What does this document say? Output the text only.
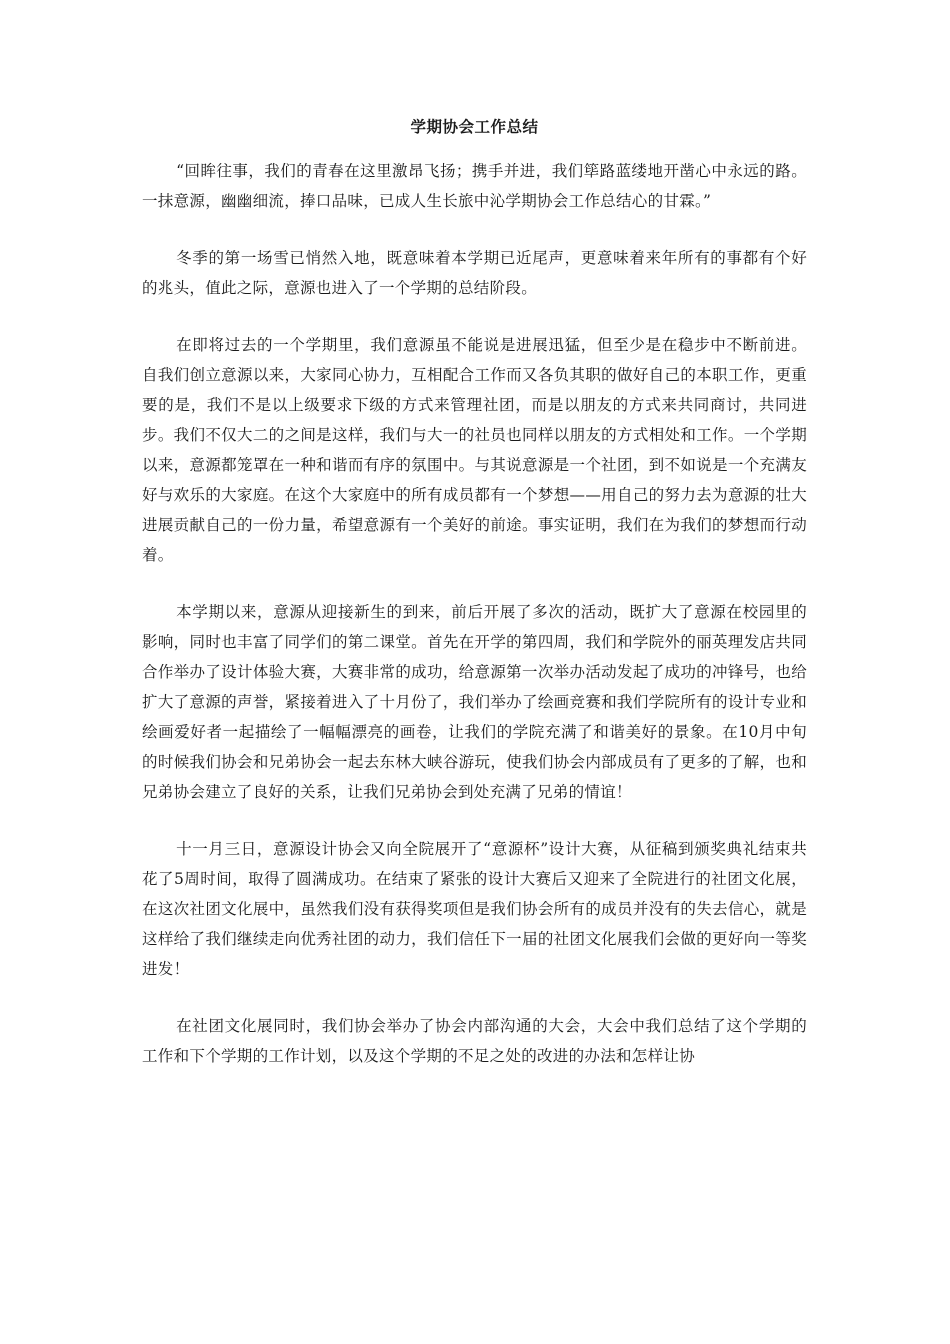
学期协会工作总结

“回眸往事，我们的青春在这里激昂飞扬；携手并进，我们筚路蓝缕地开凿心中永远的路。一抹意源，幽幽细流，捧口品味，已成人生长旅中沁学期协会工作总结心的甘霖。”

冬季的第一场雪已悄然入地，既意味着本学期已近尾声，更意味着来年所有的事都有个好的兆头，值此之际，意源也进入了一个学期的总结阶段。

在即将过去的一个学期里，我们意源虽不能说是进展迅猛，但至少是在稳步中不断前进。自我们创立意源以来，大家同心协力，互相配合工作而又各负其职的做好自己的本职工作，更重要的是，我们不是以上级要求下级的方式来管理社团，而是以朋友的方式来共同商讨，共同进步。我们不仅大二的之间是这样，我们与大一的社员也同样以朋友的方式相处和工作。一个学期以来，意源都笼罩在一种和谐而有序的氛围中。与其说意源是一个社团，到不如说是一个充满友好与欢乐的大家庭。在这个大家庭中的所有成员都有一个梦想——用自己的努力去为意源的壮大进展贡献自己的一份力量，希望意源有一个美好的前途。事实证明，我们在为我们的梦想而行动着。

本学期以来，意源从迎接新生的到来，前后开展了多次的活动，既扩大了意源在校园里的影响，同时也丰富了同学们的第二课堂。首先在开学的第四周，我们和学院外的丽英理发店共同合作举办了设计体验大赛，大赛非常的成功，给意源第一次举办活动发起了成功的冲锋号，也给扩大了意源的声誉，紧接着进入了十月份了，我们举办了绘画竞赛和我们学院所有的设计专业和绘画爱好者一起描绘了一幅幅漂亮的画卷，让我们的学院充满了和谐美好的景象。在10月中旬的时候我们协会和兄弟协会一起去东林大峡谷游玩，使我们协会内部成员有了更多的了解，也和兄弟协会建立了良好的关系，让我们兄弟协会到处充满了兄弟的情谊！

十一月三日，意源设计协会又向全院展开了“意源杯”设计大赛，从征稿到颁奖典礼结束共花了5周时间，取得了圆满成功。在结束了紧张的设计大赛后又迎来了全院进行的社团文化展，在这次社团文化展中，虽然我们没有获得奖项但是我们协会所有的成员并没有的失去信心，就是这样给了我们继续走向优秀社团的动力，我们信任下一届的社团文化展我们会做的更好向一等奖进发！

在社团文化展同时，我们协会举办了协会内部沟通的大会，大会中我们总结了这个学期的工作和下个学期的工作计划，以及这个学期的不足之处的改进的办法和怎样让协
